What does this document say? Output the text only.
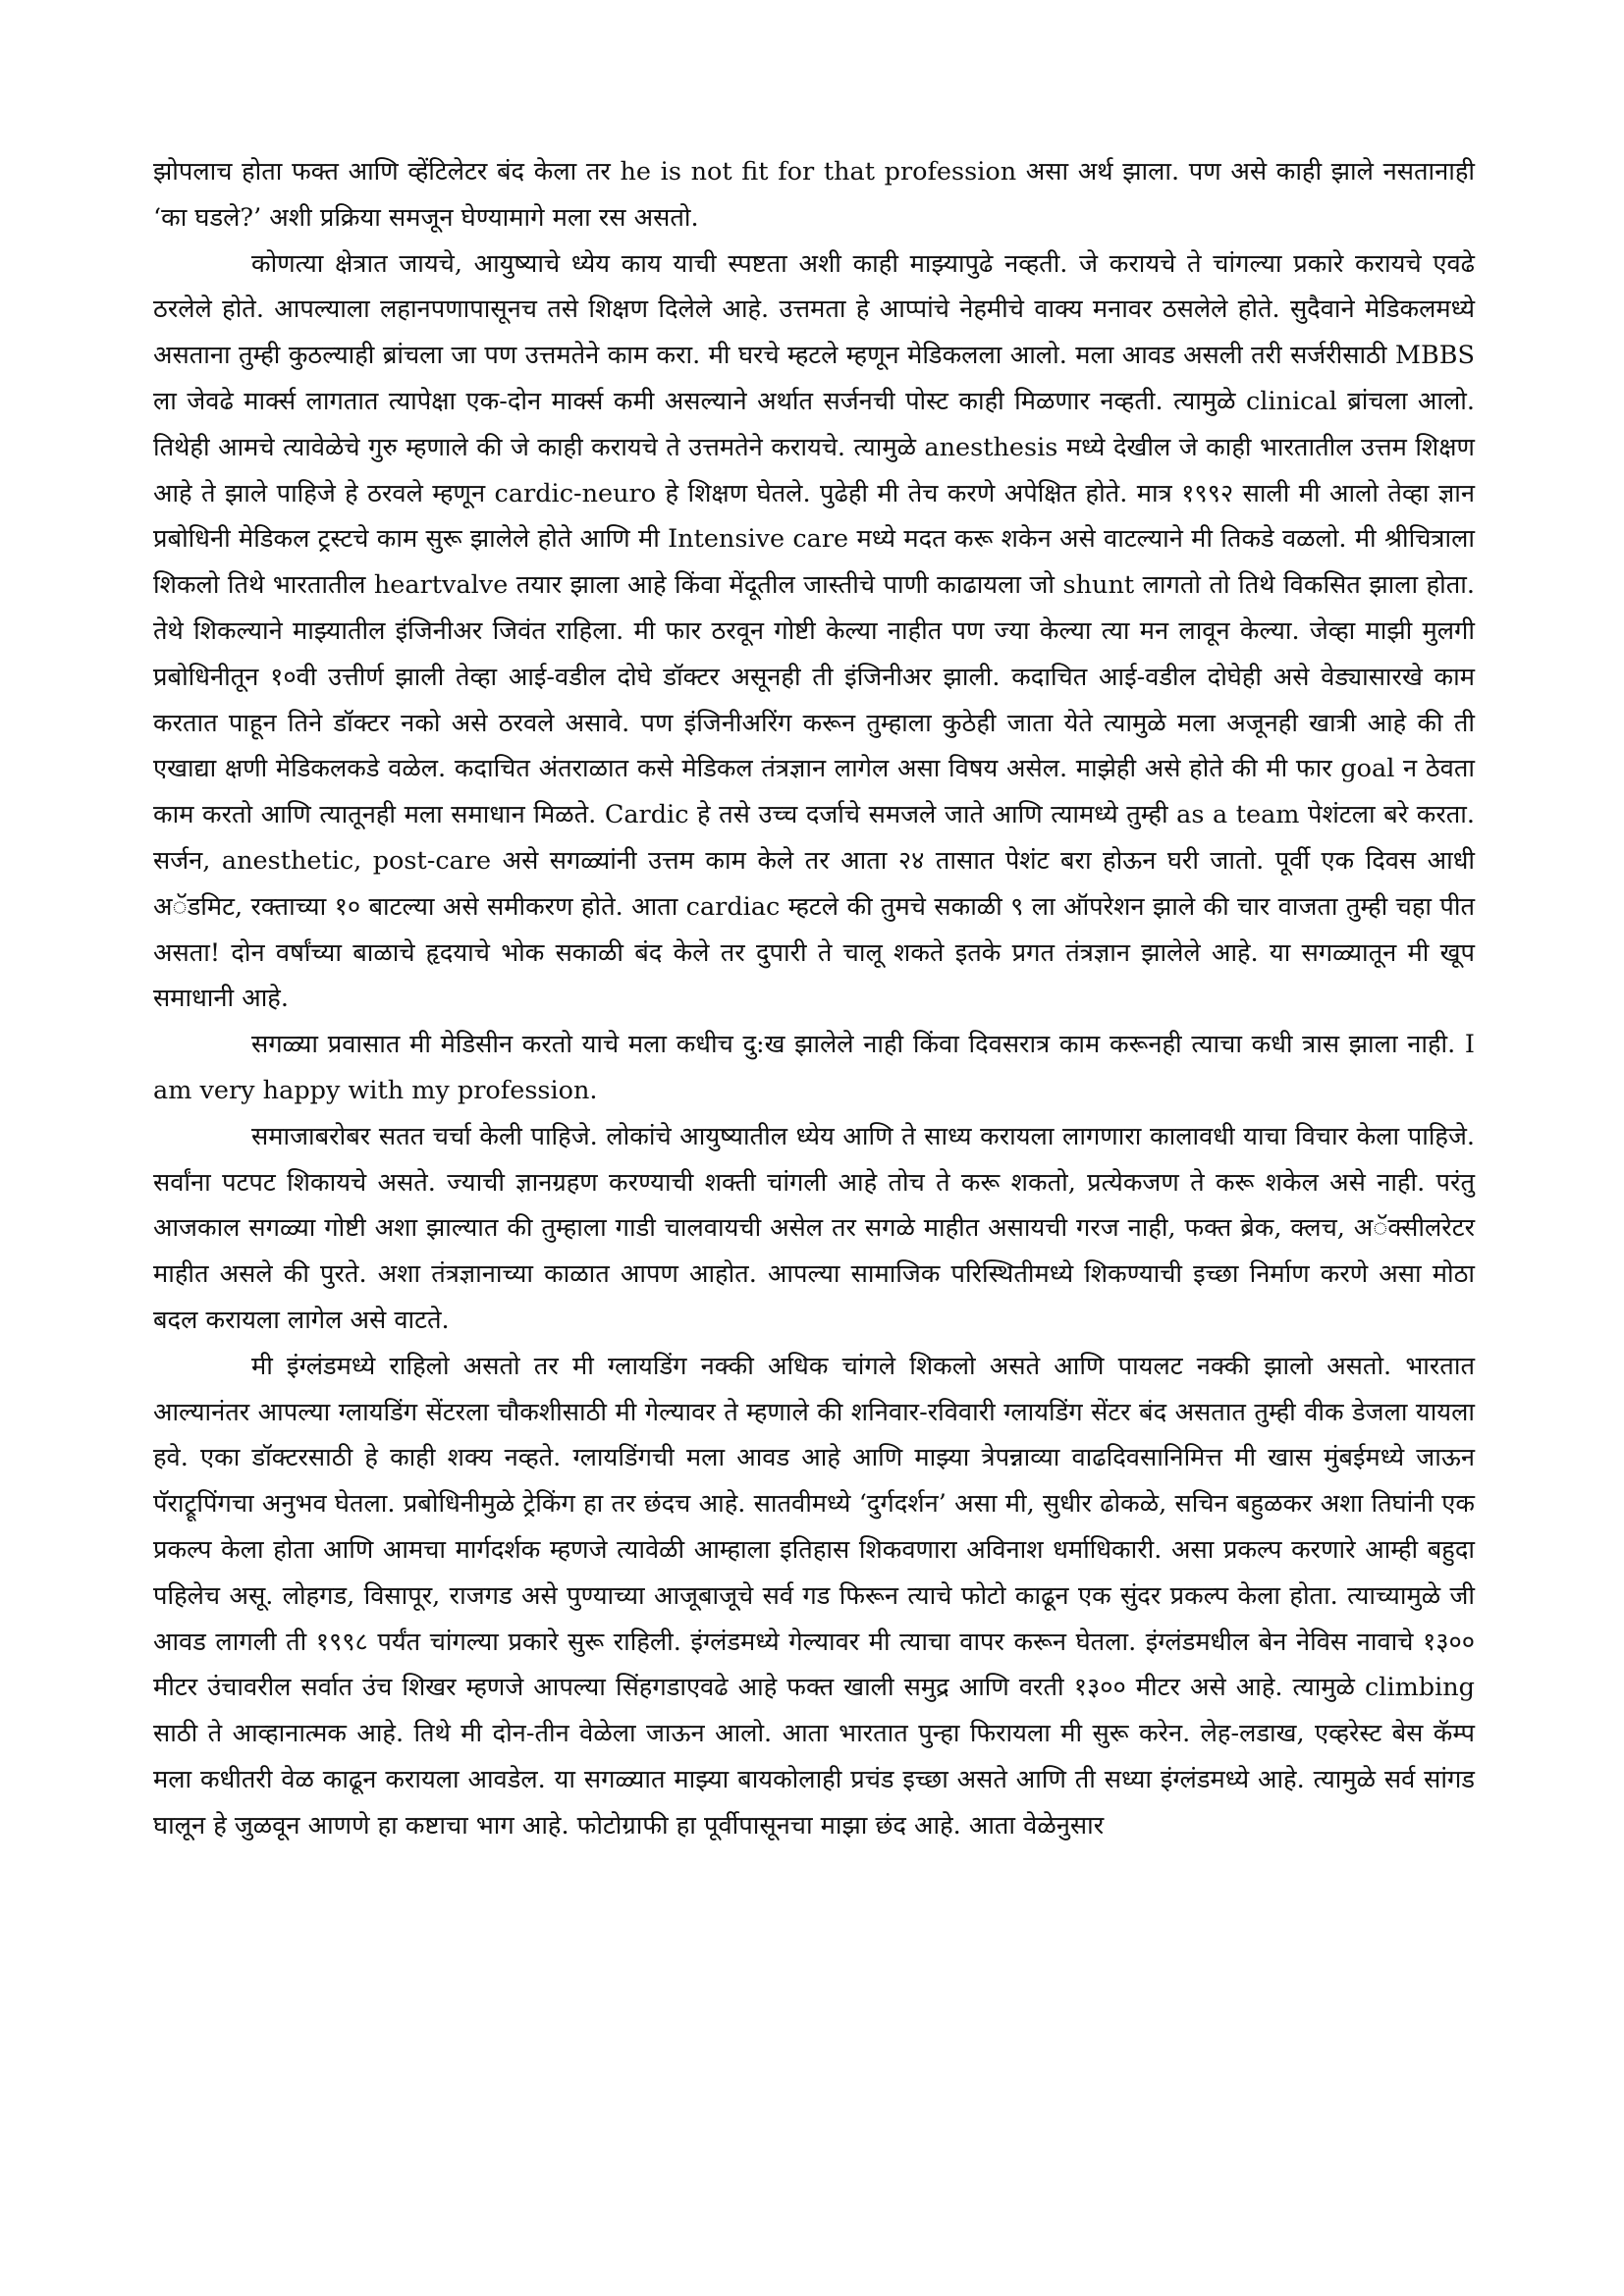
झोपलाच होता फक्त आणि व्हेंटिलेटर बंद केला तर he is not fit for that profession असा अर्थ झाला. पण असे काही झाले नसतानाही ‘का घडले?’ अशी प्रक्रिया समजून घेण्यामागे मला रस असतो.

कोणत्या क्षेत्रात जायचे, आयुष्याचे ध्येय काय याची स्पष्टता अशी काही माझ्यापुढे नव्हती. जे करायचे ते चांगल्या प्रकारे करायचे एवढे ठरलेले होते. आपल्याला लहानपणापासूनच तसे शिक्षण दिलेले आहे. उत्तमता हे आप्पांचे नेहमीचे वाक्य मनावर ठसलेले होते. सुदैवाने मेडिकलमध्ये असताना तुम्ही कुठल्याही ब्रांचला जा पण उत्तमतेने काम करा. मी घरचे म्हटले म्हणून मेडिकलला आलो. मला आवड असली तरी सर्जरीसाठी MBBS ला जेवढे मार्क्स लागतात त्यापेक्षा एक-दोन मार्क्स कमी असल्याने अर्थात सर्जनची पोस्ट काही मिळणार नव्हती. त्यामुळे clinical ब्रांचला आलो. तिथेही आमचे त्यावेळेचे गुरु म्हणाले की जे काही करायचे ते उत्तमतेने करायचे. त्यामुळे anesthesis मध्ये देखील जे काही भारतातील उत्तम शिक्षण आहे ते झाले पाहिजे हे ठरवले म्हणून cardic-neuro हे शिक्षण घेतले. पुढेही मी तेच करणे अपेक्षित होते. मात्र १९९२ साली मी आलो तेव्हा ज्ञान प्रबोधिनी मेडिकल ट्रस्टचे काम सुरू झालेले होते आणि मी Intensive care मध्ये मदत करू शकेन असे वाटल्याने मी तिकडे वळलो. मी श्रीचित्राला शिकलो तिथे भारतातील heartvalve तयार झाला आहे किंवा मेंदूतील जास्तीचे पाणी काढायला जो shunt लागतो तो तिथे विकसित झाला होता. तेथे शिकल्याने माझ्यातील इंजिनीअर जिवंत राहिला. मी फार ठरवून गोष्टी केल्या नाहीत पण ज्या केल्या त्या मन लावून केल्या. जेव्हा माझी मुलगी प्रबोधिनीतून १०वी उत्तीर्ण झाली तेव्हा आई-वडील दोघे डॉक्टर असूनही ती इंजिनीअर झाली. कदाचित आई-वडील दोघेही असे वेड्यासारखे काम करतात पाहून तिने डॉक्टर नको असे ठरवले असावे. पण इंजिनीअरिंग करून तुम्हाला कुठेही जाता येते त्यामुळे मला अजूनही खात्री आहे की ती एखाद्या क्षणी मेडिकलकडे वळेल. कदाचित अंतराळात कसे मेडिकल तंत्रज्ञान लागेल असा विषय असेल. माझेही असे होते की मी फार goal न ठेवता काम करतो आणि त्यातूनही मला समाधान मिळते. Cardic हे तसे उच्च दर्जाचे समजले जाते आणि त्यामध्ये तुम्ही as a team पेशंटला बरे करता. सर्जन, anesthetic, post-care असे सगळ्यांनी उत्तम काम केले तर आता २४ तासात पेशंट बरा होऊन घरी जातो. पूर्वी एक दिवस आधी अॅडमिट, रक्ताच्या १० बाटल्या असे समीकरण होते. आता cardiac म्हटले की तुमचे सकाळी ९ ला ऑपरेशन झाले की चार वाजता तुम्ही चहा पीत असता! दोन वर्षांच्या बाळाचे हृदयाचे भोक सकाळी बंद केले तर दुपारी ते चालू शकते इतके प्रगत तंत्रज्ञान झालेले आहे. या सगळ्यातून मी खूप समाधानी आहे.

सगळ्या प्रवासात मी मेडिसीन करतो याचे मला कधीच दु:ख झालेले नाही किंवा दिवसरात्र काम करूनही त्याचा कधी त्रास झाला नाही. I am very happy with my profession.

समाजाबरोबर सतत चर्चा केली पाहिजे. लोकांचे आयुष्यातील ध्येय आणि ते साध्य करायला लागणारा कालावधी याचा विचार केला पाहिजे. सर्वांना पटपट शिकायचे असते. ज्याची ज्ञानग्रहण करण्याची शक्ती चांगली आहे तोच ते करू शकतो, प्रत्येकजण ते करू शकेल असे नाही. परंतु आजकाल सगळ्या गोष्टी अशा झाल्यात की तुम्हाला गाडी चालवायची असेल तर सगळे माहीत असायची गरज नाही, फक्त ब्रेक, क्लच, अॅक्सीलरेटर माहीत असले की पुरते. अशा तंत्रज्ञानाच्या काळात आपण आहोत. आपल्या सामाजिक परिस्थितीमध्ये शिकण्याची इच्छा निर्माण करणे असा मोठा बदल करायला लागेल असे वाटते.

मी इंग्लंडमध्ये राहिलो असतो तर मी ग्लायडिंग नक्की अधिक चांगले शिकलो असते आणि पायलट नक्की झालो असतो. भारतात आल्यानंतर आपल्या ग्लायडिंग सेंटरला चौकशीसाठी मी गेल्यावर ते म्हणाले की शनिवार-रविवारी ग्लायडिंग सेंटर बंद असतात तुम्ही वीक डेजला यायला हवे. एका डॉक्टरसाठी हे काही शक्य नव्हते. ग्लायडिंगची मला आवड आहे आणि माझ्या त्रेपन्नाव्या वाढदिवसानिमित्त मी खास मुंबईमध्ये जाऊन पॅराट्रूपिंगचा अनुभव घेतला. प्रबोधिनीमुळे ट्रेकिंग हा तर छंदच आहे. सातवीमध्ये ‘दुर्गदर्शन’ असा मी, सुधीर ढोकळे, सचिन बहुळकर अशा तिघांनी एक प्रकल्प केला होता आणि आमचा मार्गदर्शक म्हणजे त्यावेळी आम्हाला इतिहास शिकवणारा अविनाश धर्माधिकारी. असा प्रकल्प करणारे आम्ही बहुदा पहिलेच असू. लोहगड, विसापूर, राजगड असे पुण्याच्या आजूबाजूचे सर्व गड फिरून त्याचे फोटो काढून एक सुंदर प्रकल्प केला होता. त्याच्यामुळे जी आवड लागली ती १९९८ पर्यंत चांगल्या प्रकारे सुरू राहिली. इंग्लंडमध्ये गेल्यावर मी त्याचा वापर करून घेतला. इंग्लंडमधील बेन नेविस नावाचे १३०० मीटर उंचावरील सर्वात उंच शिखर म्हणजे आपल्या सिंहगडाएवढे आहे फक्त खाली समुद्र आणि वरती १३०० मीटर असे आहे. त्यामुळे climbing साठी ते आव्हानात्मक आहे. तिथे मी दोन-तीन वेळेला जाऊन आलो. आता भारतात पुन्हा फिरायला मी सुरू करेन. लेह-लडाख, एव्हरेस्ट बेस कॅम्प मला कधीतरी वेळ काढून करायला आवडेल. या सगळ्यात माझ्या बायकोलाही प्रचंड इच्छा असते आणि ती सध्या इंग्लंडमध्ये आहे. त्यामुळे सर्व सांगड घालून हे जुळवून आणणे हा कष्टाचा भाग आहे. फोटोग्राफी हा पूर्वीपासूनचा माझा छंद आहे. आता वेळेनुसार
